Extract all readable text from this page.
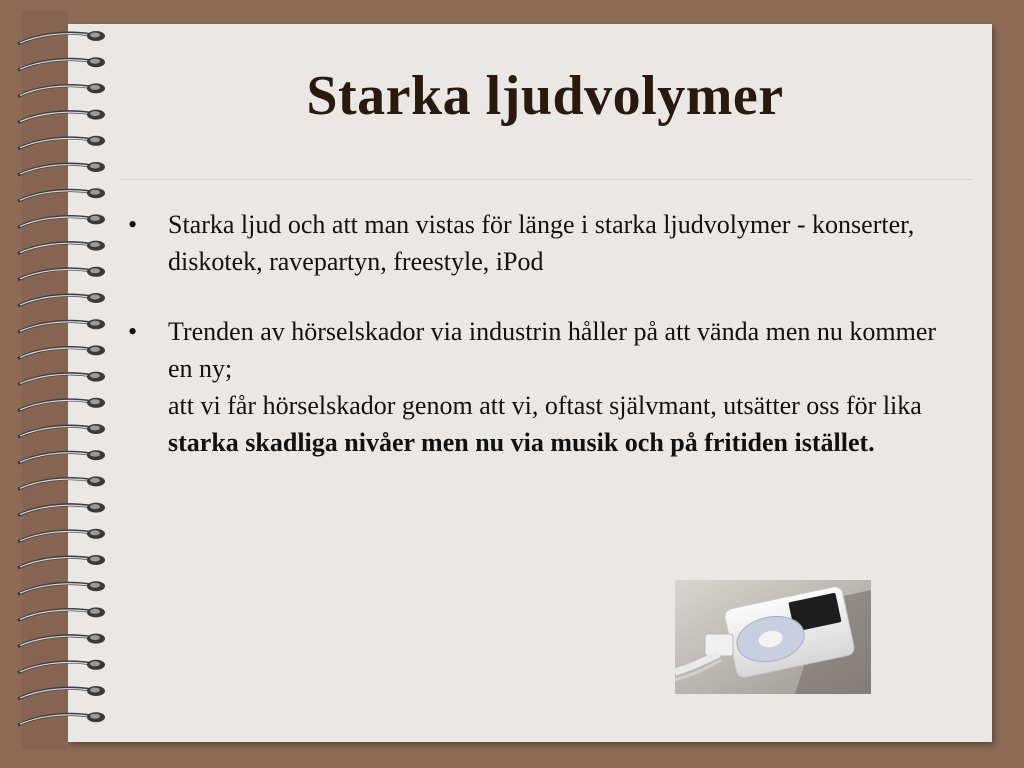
Starka ljudvolymer
•	Starka ljud och att man vistas för länge i starka ljudvolymer - konserter, diskotek, ravepartyn, freestyle, iPod
•	Trenden av hörselskador via industrin håller på att vända men nu kommer en ny;
att vi får hörselskador genom att vi, oftast självmant, utsätter oss för lika starka skadliga nivåer men nu via musik och på fritiden istället.
